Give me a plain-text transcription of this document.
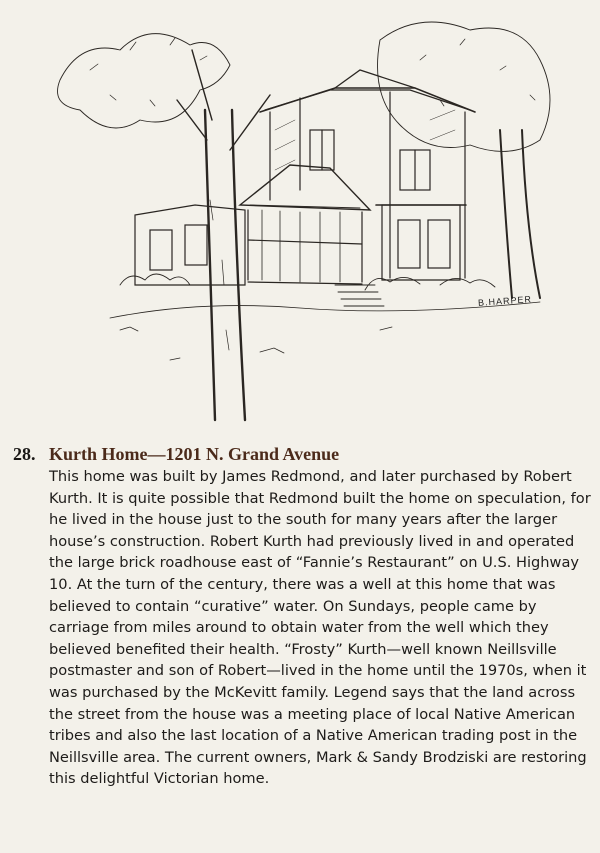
B.HARPER
28. Kurth Home—1201 N. Grand Avenue

This home was built by James Redmond, and later purchased by Robert Kurth. It is quite possible that Redmond built the home on speculation, for he lived in the house just to the south for many years after the larger house’s construction. Robert Kurth had previously lived in and operated the large brick roadhouse east of “Fannie’s Restaurant” on U.S. Highway 10. At the turn of the century, there was a well at this home that was believed to contain “curative” water. On Sundays, people came by carriage from miles around to obtain water from the well which they believed benefited their health. “Frosty” Kurth—well known Neillsville postmaster and son of Robert—lived in the home until the 1970s, when it was purchased by the McKevitt family. Legend says that the land across the street from the house was a meeting place of local Native American tribes and also the last location of a Native American trading post in the Neillsville area. The current owners, Mark & Sandy Brodziski are restoring this delightful Victorian home.
